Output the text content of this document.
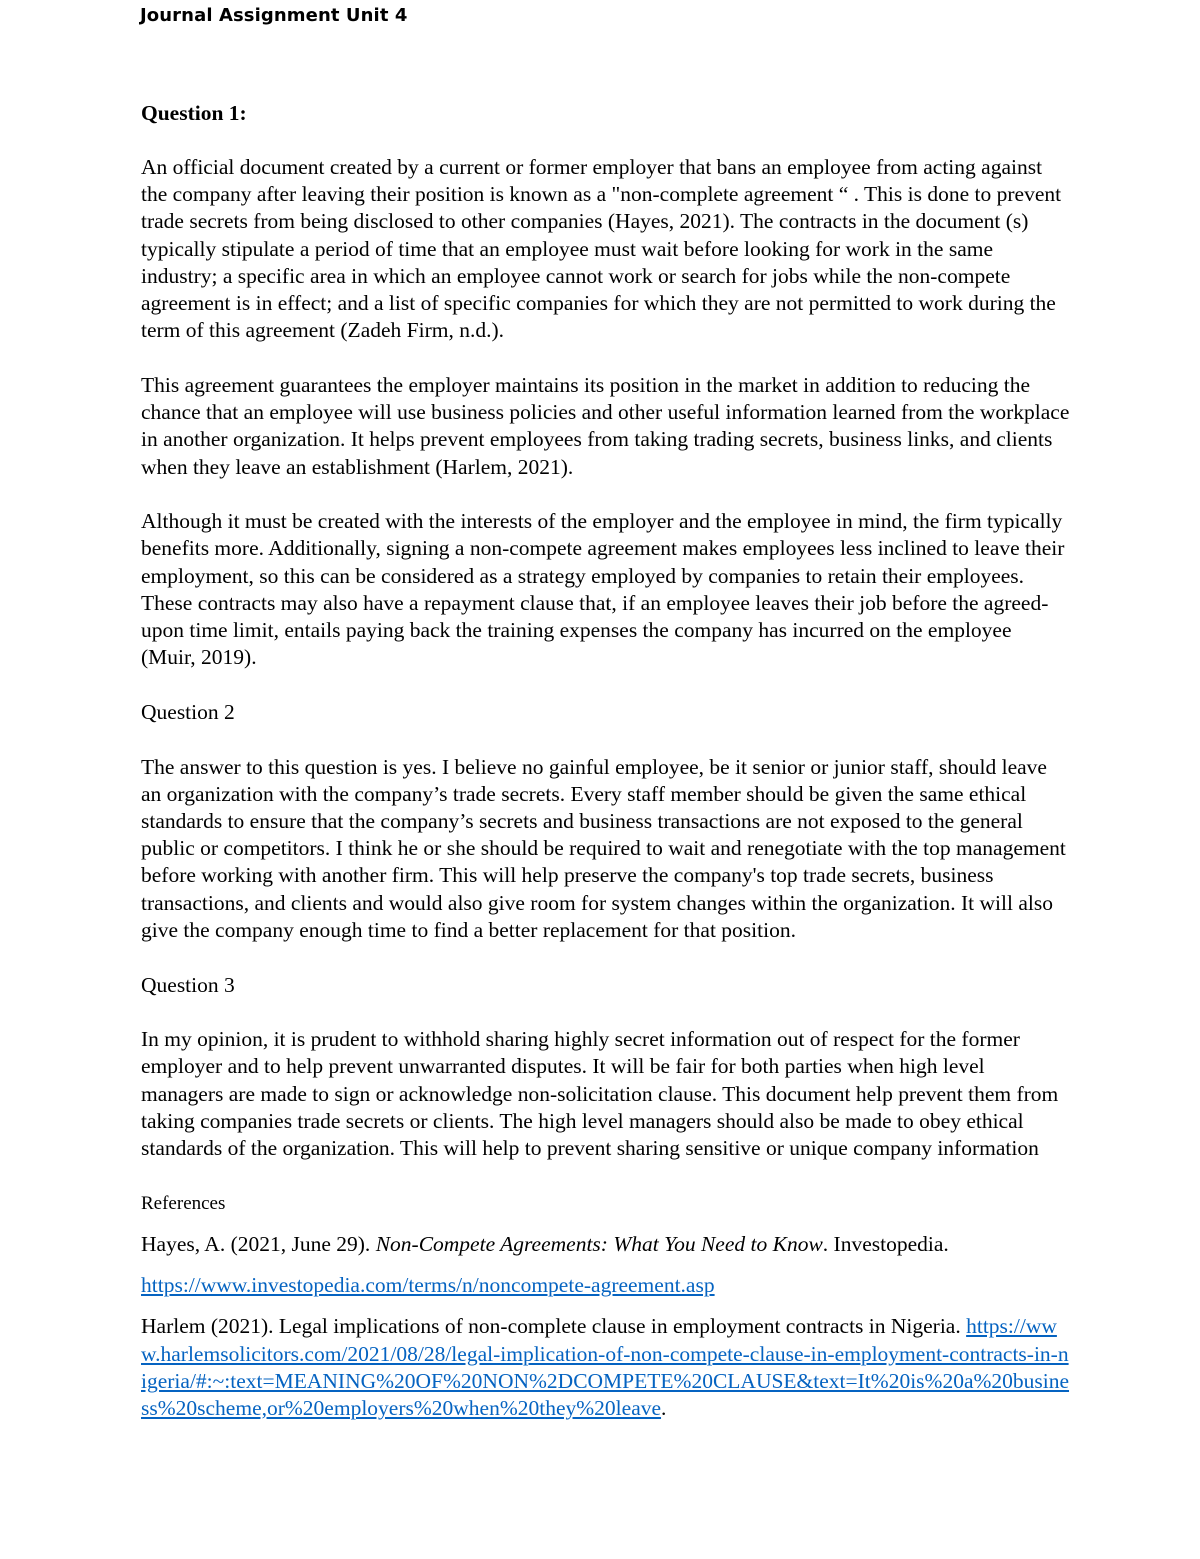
Journal Assignment Unit 4

Question 1:

An official document created by a current or former employer that bans an employee from acting against the company after leaving their position is known as a "non-complete agreement “ . This is done to prevent trade secrets from being disclosed to other companies (Hayes, 2021). The contracts in the document (s) typically stipulate a period of time that an employee must wait before looking for work in the same industry; a specific area in which an employee cannot work or search for jobs while the non-compete agreement is in effect; and a list of specific companies for which they are not permitted to work during the term of this agreement (Zadeh Firm, n.d.).

This agreement guarantees the employer maintains its position in the market in addition to reducing the chance that an employee will use business policies and other useful information learned from the workplace in another organization. It helps prevent employees from taking trading secrets, business links, and clients when they leave an establishment (Harlem, 2021).

Although it must be created with the interests of the employer and the employee in mind, the firm typically benefits more. Additionally, signing a non-compete agreement makes employees less inclined to leave their employment, so this can be considered as a strategy employed by companies to retain their employees. These contracts may also have a repayment clause that, if an employee leaves their job before the agreed-upon time limit, entails paying back the training expenses the company has incurred on the employee (Muir, 2019).

Question 2

The answer to this question is yes. I believe no gainful employee, be it senior or junior staff, should leave an organization with the company’s trade secrets. Every staff member should be given the same ethical standards to ensure that the company’s secrets and business transactions are not exposed to the general public or competitors. I think he or she should be required to wait and renegotiate with the top management before working with another firm. This will help preserve the company's top trade secrets, business transactions, and clients and would also give room for system changes within the organization. It will also give the company enough time to find a better replacement for that position.

Question 3

In my opinion, it is prudent to withhold sharing highly secret information out of respect for the former employer and to help prevent unwarranted disputes. It will be fair for both parties when high level managers are made to sign or acknowledge non-solicitation clause. This document help prevent them from taking companies trade secrets or clients. The high level managers should also be made to obey ethical standards of the organization. This will help to prevent sharing sensitive or unique company information

References

Hayes, A. (2021, June 29). Non-Compete Agreements: What You Need to Know. Investopedia.

https://www.investopedia.com/terms/n/noncompete-agreement.asp

Harlem (2021). Legal implications of non-complete clause in employment contracts in Nigeria. https://www.harlemsolicitors.com/2021/08/28/legal-implication-of-non-compete-clause-in-employment-contracts-in-nigeria/#:~:text=MEANING%20OF%20NON%2DCOMPETE%20CLAUSE&text=It%20is%20a%20business%20scheme,or%20employers%20when%20they%20leave.
